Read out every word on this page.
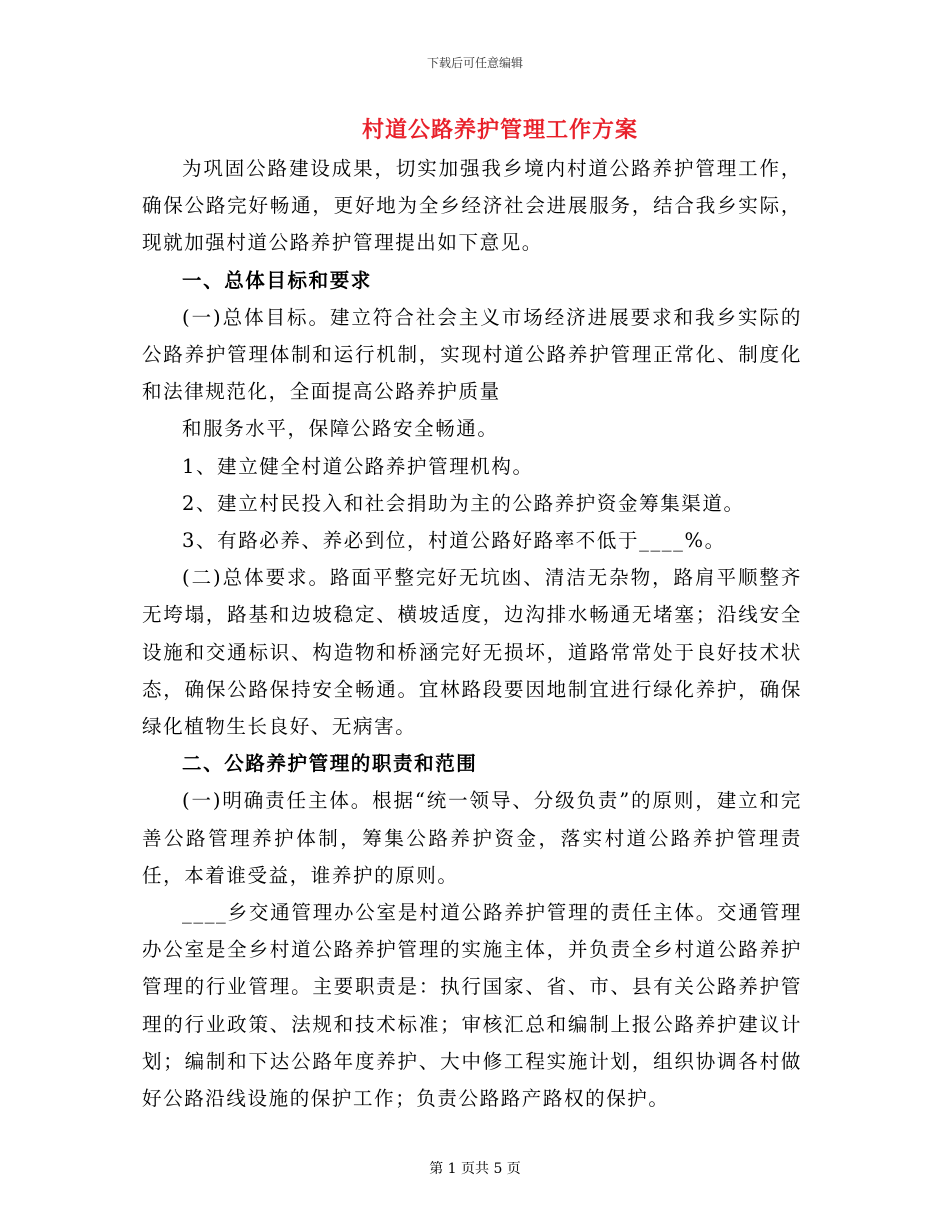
下载后可任意编辑
村道公路养护管理工作方案

为巩固公路建设成果，切实加强我乡境内村道公路养护管理工作，确保公路完好畅通，更好地为全乡经济社会进展服务，结合我乡实际，现就加强村道公路养护管理提出如下意见。

一、总体目标和要求

(一)总体目标。建立符合社会主义市场经济进展要求和我乡实际的公路养护管理体制和运行机制，实现村道公路养护管理正常化、制度化和法律规范化，全面提高公路养护质量

和服务水平，保障公路安全畅通。

1、建立健全村道公路养护管理机构。

2、建立村民投入和社会捐助为主的公路养护资金筹集渠道。

3、有路必养、养必到位，村道公路好路率不低于____%。

(二)总体要求。路面平整完好无坑凼、清洁无杂物，路肩平顺整齐无垮塌，路基和边坡稳定、横坡适度，边沟排水畅通无堵塞；沿线安全设施和交通标识、构造物和桥涵完好无损坏，道路常常处于良好技术状态，确保公路保持安全畅通。宜林路段要因地制宜进行绿化养护，确保绿化植物生长良好、无病害。

二、公路养护管理的职责和范围

(一)明确责任主体。根据“统一领导、分级负责”的原则，建立和完善公路管理养护体制，筹集公路养护资金，落实村道公路养护管理责任，本着谁受益，谁养护的原则。

____乡交通管理办公室是村道公路养护管理的责任主体。交通管理办公室是全乡村道公路养护管理的实施主体，并负责全乡村道公路养护管理的行业管理。主要职责是：执行国家、省、市、县有关公路养护管理的行业政策、法规和技术标准；审核汇总和编制上报公路养护建议计划；编制和下达公路年度养护、大中修工程实施计划，组织协调各村做好公路沿线设施的保护工作；负责公路路产路权的保护。

第 1 页共 5 页
